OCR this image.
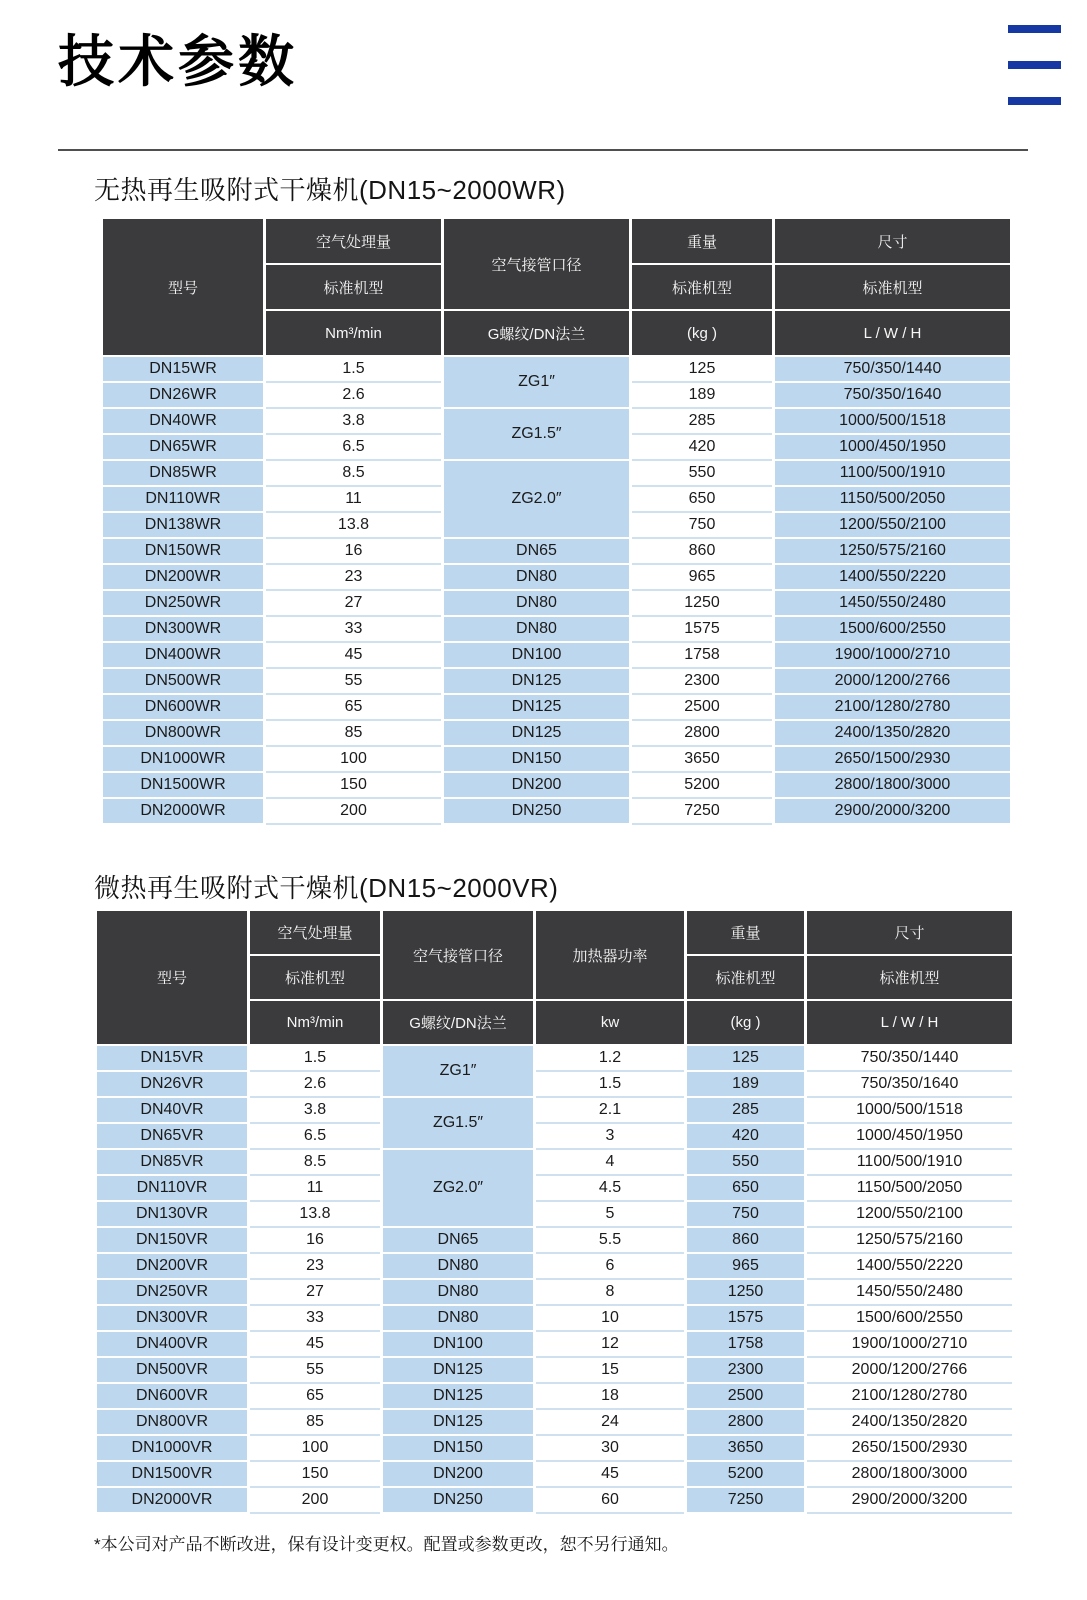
技术参数
无热再生吸附式干燥机(DN15~2000WR)
型号	空气处理量	空气接管口径	重量	尺寸
	标准机型		标准机型	标准机型
	Nm³/min	G螺纹/DN法兰	(kg )	L / W / H
DN15WR	1.5	ZG1″	125	750/350/1440
DN26WR	2.6		189	750/350/1640
DN40WR	3.8	ZG1.5″	285	1000/500/1518
DN65WR	6.5		420	1000/450/1950
DN85WR	8.5	ZG2.0″	550	1100/500/1910
DN110WR	11		650	1150/500/2050
DN138WR	13.8		750	1200/550/2100
DN150WR	16	DN65	860	1250/575/2160
DN200WR	23	DN80	965	1400/550/2220
DN250WR	27	DN80	1250	1450/550/2480
DN300WR	33	DN80	1575	1500/600/2550
DN400WR	45	DN100	1758	1900/1000/2710
DN500WR	55	DN125	2300	2000/1200/2766
DN600WR	65	DN125	2500	2100/1280/2780
DN800WR	85	DN125	2800	2400/1350/2820
DN1000WR	100	DN150	3650	2650/1500/2930
DN1500WR	150	DN200	5200	2800/1800/3000
DN2000WR	200	DN250	7250	2900/2000/3200
微热再生吸附式干燥机(DN15~2000VR)
型号	空气处理量	空气接管口径	加热器功率	重量	尺寸
	标准机型			标准机型	标准机型
	Nm³/min	G螺纹/DN法兰	kw	(kg )	L / W / H
DN15VR	1.5	ZG1″	1.2	125	750/350/1440
DN26VR	2.6		1.5	189	750/350/1640
DN40VR	3.8	ZG1.5″	2.1	285	1000/500/1518
DN65VR	6.5		3	420	1000/450/1950
DN85VR	8.5	ZG2.0″	4	550	1100/500/1910
DN110VR	11		4.5	650	1150/500/2050
DN130VR	13.8		5	750	1200/550/2100
DN150VR	16	DN65	5.5	860	1250/575/2160
DN200VR	23	DN80	6	965	1400/550/2220
DN250VR	27	DN80	8	1250	1450/550/2480
DN300VR	33	DN80	10	1575	1500/600/2550
DN400VR	45	DN100	12	1758	1900/1000/2710
DN500VR	55	DN125	15	2300	2000/1200/2766
DN600VR	65	DN125	18	2500	2100/1280/2780
DN800VR	85	DN125	24	2800	2400/1350/2820
DN1000VR	100	DN150	30	3650	2650/1500/2930
DN1500VR	150	DN200	45	5200	2800/1800/3000
DN2000VR	200	DN250	60	7250	2900/2000/3200
*本公司对产品不断改进，保有设计变更权。配置或参数更改，恕不另行通知。
